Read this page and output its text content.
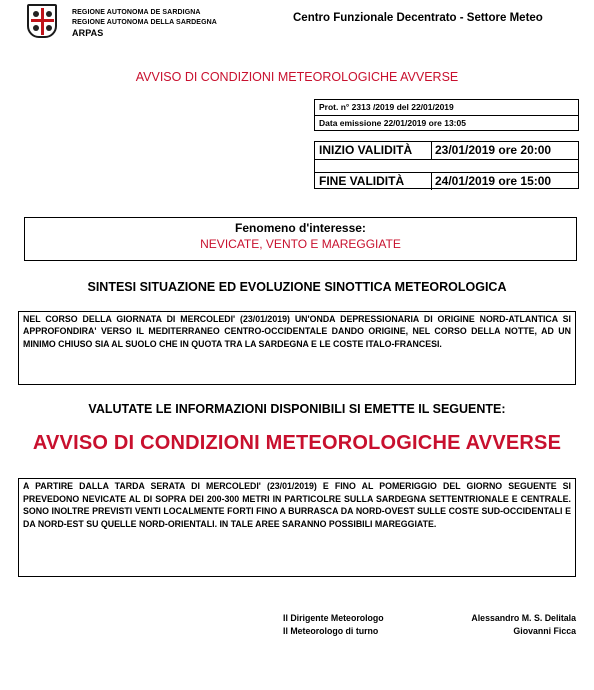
REGIONE AUTONOMA DE SARDIGNA
REGIONE AUTONOMA DELLA SARDEGNA
ARPAS
Centro Funzionale Decentrato - Settore Meteo
AVVISO DI CONDIZIONI METEOROLOGICHE AVVERSE
Prot. n° 2313 /2019 del 22/01/2019
Data emissione 22/01/2019 ore 13:05
INIZIO VALIDITÀ	23/01/2019 ore 20:00
FINE VALIDITÀ	24/01/2019 ore 15:00
Fenomeno d'interesse:
NEVICATE, VENTO E MAREGGIATE
SINTESI SITUAZIONE ED EVOLUZIONE SINOTTICA METEOROLOGICA
NEL CORSO DELLA GIORNATA DI MERCOLEDI' (23/01/2019) UN'ONDA DEPRESSIONARIA DI ORIGINE NORD-ATLANTICA SI APPROFONDIRA' VERSO IL MEDITERRANEO CENTRO-OCCIDENTALE DANDO ORIGINE, NEL CORSO DELLA NOTTE, AD UN MINIMO CHIUSO SIA AL SUOLO CHE IN QUOTA TRA LA SARDEGNA E LE COSTE ITALO-FRANCESI.
VALUTATE LE INFORMAZIONI DISPONIBILI SI EMETTE IL SEGUENTE:
AVVISO DI CONDIZIONI METEOROLOGICHE AVVERSE
A PARTIRE DALLA TARDA SERATA DI MERCOLEDI' (23/01/2019) E FINO AL POMERIGGIO DEL GIORNO SEGUENTE SI PREVEDONO NEVICATE AL DI SOPRA DEI 200-300 METRI IN PARTICOLRE SULLA SARDEGNA SETTENTRIONALE E CENTRALE. SONO INOLTRE PREVISTI VENTI LOCALMENTE FORTI FINO A BURRASCA DA NORD-OVEST SULLE COSTE SUD-OCCIDENTALI E DA NORD-EST SU QUELLE NORD-ORIENTALI. IN TALE AREE SARANNO POSSIBILI MAREGGIATE.
Il Dirigente Meteorologo
Il Meteorologo di turno
Alessandro M. S. Delitala
Giovanni Ficca
